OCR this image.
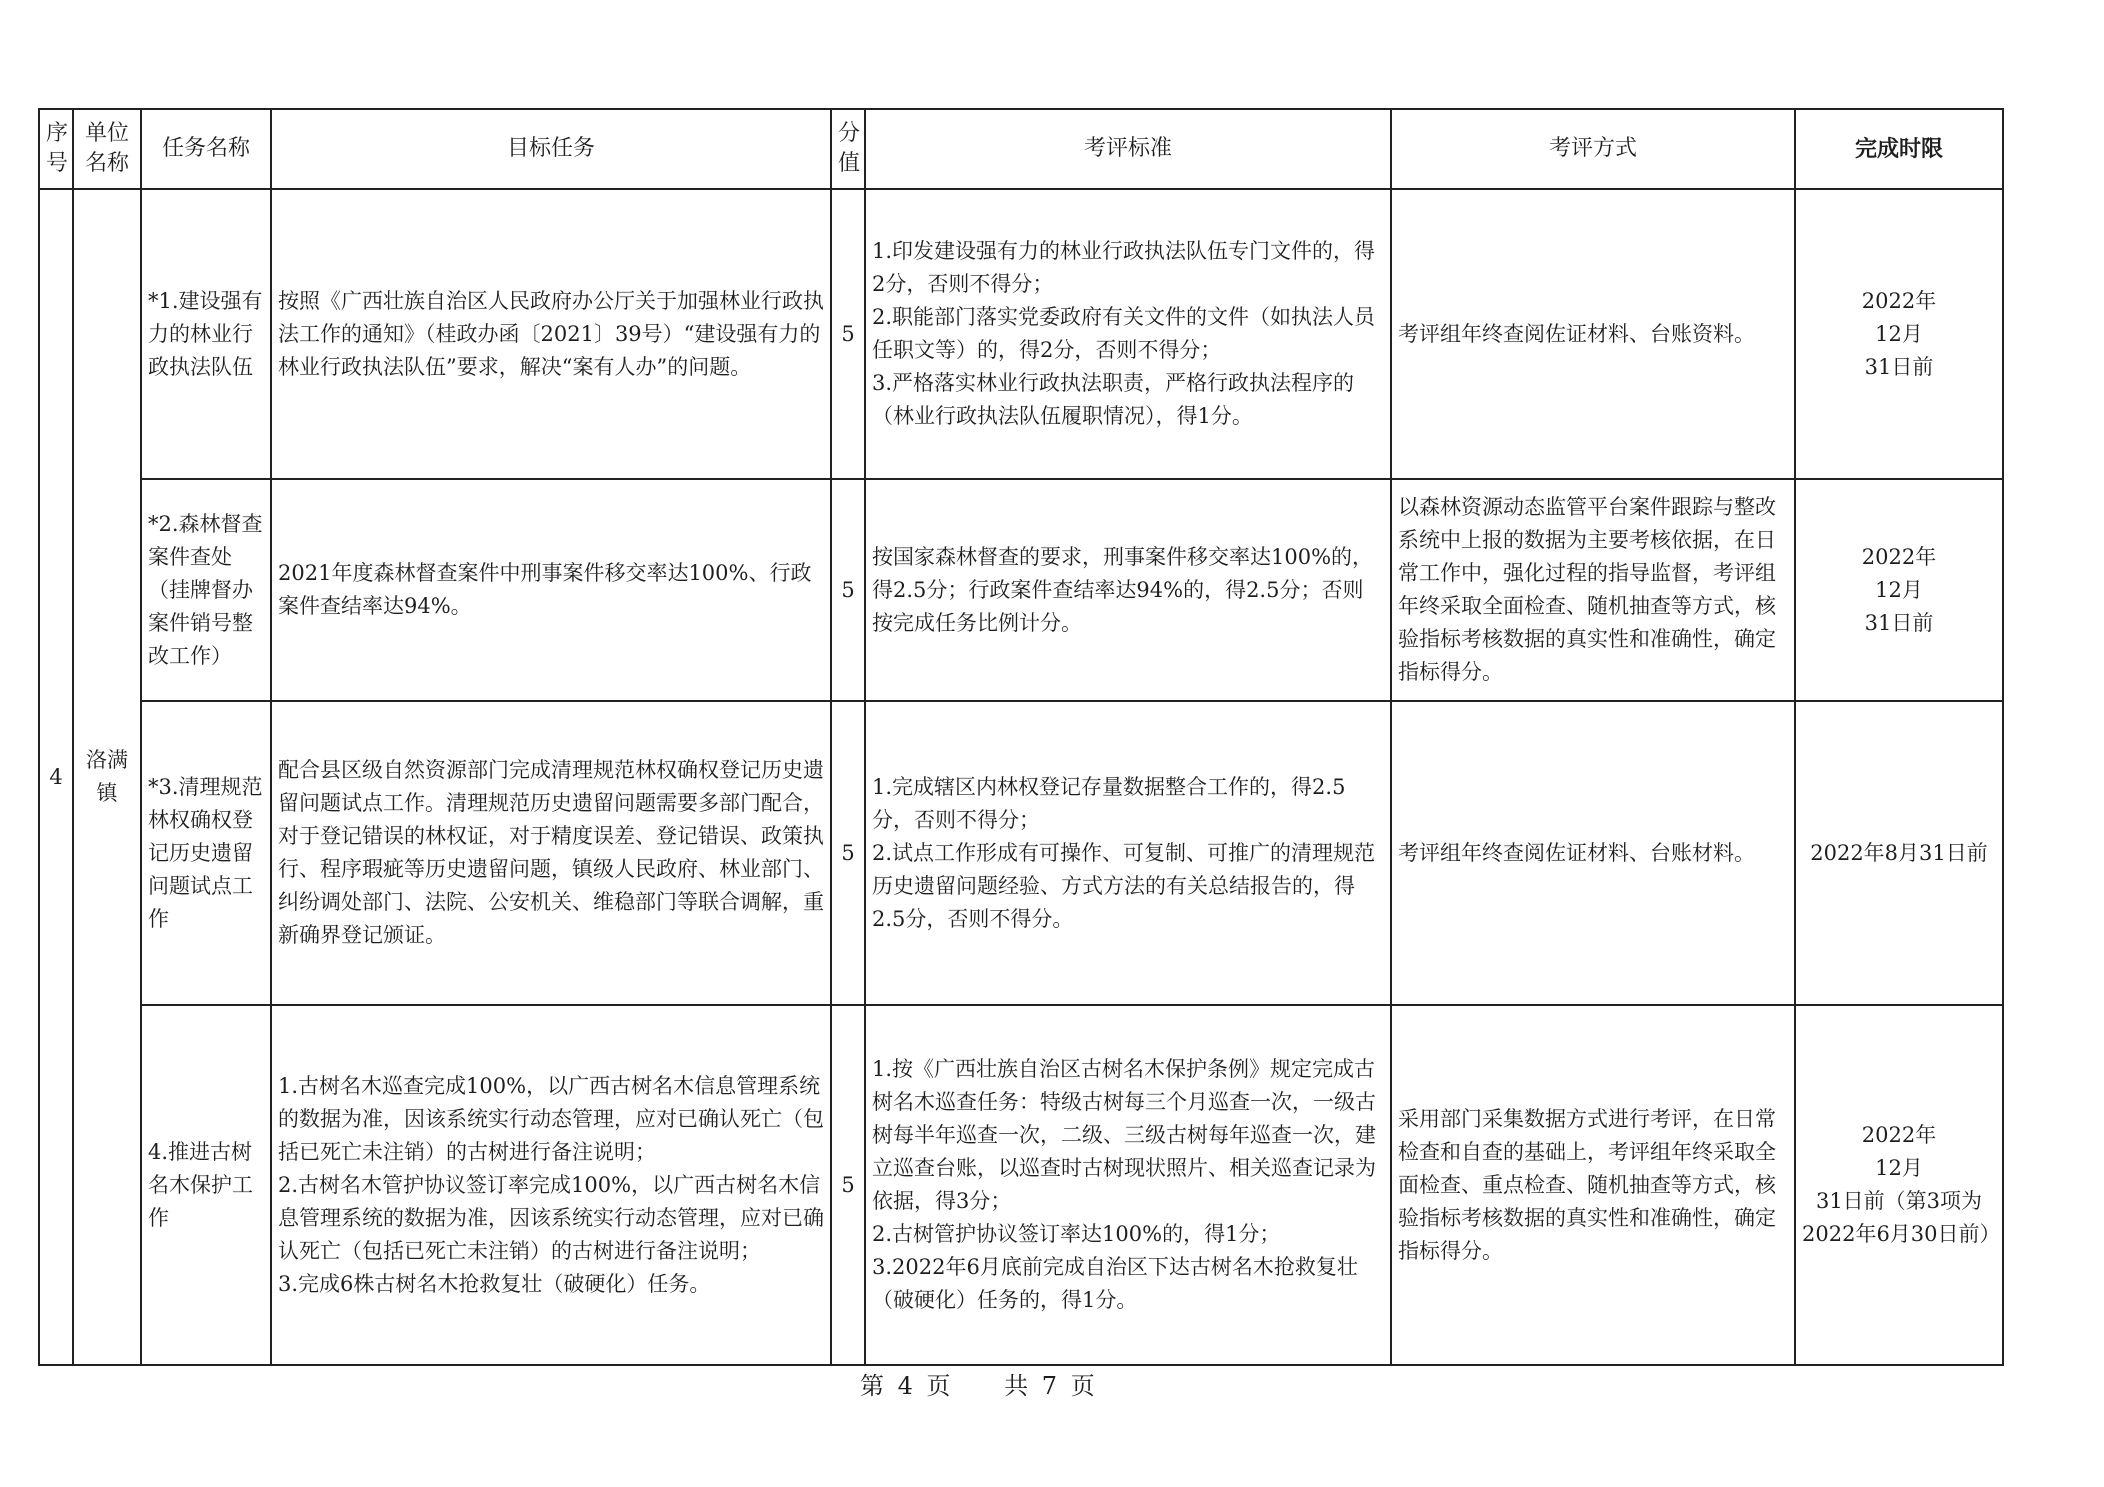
序号	单位名称	任务名称	目标任务	分值	考评标准	考评方式	完成时限
4	洛满镇	*1.建设强有力的林业行政执法队伍	按照《广西壮族自治区人民政府办公厅关于加强林业行政执法工作的通知》（桂政办函〔2021〕39号）“建设强有力的林业行政执法队伍”要求，解决“案有人办”的问题。	5	1.印发建设强有力的林业行政执法队伍专门文件的，得2分，否则不得分；
2.职能部门落实党委政府有关文件的文件（如执法人员任职文等）的，得2分，否则不得分；
3.严格落实林业行政执法职责，严格行政执法程序的（林业行政执法队伍履职情况），得1分。	考评组年终查阅佐证材料、台账资料。	2022年
12月
31日前

		*2.森林督查案件查处（挂牌督办案件销号整改工作）	2021年度森林督查案件中刑事案件移交率达100%、行政案件查结率达94%。	5	按国家森林督查的要求，刑事案件移交率达100%的，得2.5分；行政案件查结率达94%的，得2.5分；否则按完成任务比例计分。	以森林资源动态监管平台案件跟踪与整改系统中上报的数据为主要考核依据，在日常工作中，强化过程的指导监督，考评组年终采取全面检查、随机抽查等方式，核验指标考核数据的真实性和准确性，确定指标得分。	2022年
12月
31日前

		*3.清理规范林权确权登记历史遗留问题试点工作	配合县区级自然资源部门完成清理规范林权确权登记历史遗留问题试点工作。清理规范历史遗留问题需要多部门配合，对于登记错误的林权证，对于精度误差、登记错误、政策执行、程序瑕疵等历史遗留问题，镇级人民政府、林业部门、纠纷调处部门、法院、公安机关、维稳部门等联合调解，重新确界登记颁证。	5	1.完成辖区内林权登记存量数据整合工作的，得2.5分，否则不得分；
2.试点工作形成有可操作、可复制、可推广的清理规范历史遗留问题经验、方式方法的有关总结报告的，得2.5分，否则不得分。	考评组年终查阅佐证材料、台账材料。	2022年8月31日前

		4.推进古树名木保护工作	1.古树名木巡查完成100%，以广西古树名木信息管理系统的数据为准，因该系统实行动态管理，应对已确认死亡（包括已死亡未注销）的古树进行备注说明；
2.古树名木管护协议签订率完成100%，以广西古树名木信息管理系统的数据为准，因该系统实行动态管理，应对已确认死亡（包括已死亡未注销）的古树进行备注说明；
3.完成6株古树名木抢救复壮（破硬化）任务。	5	1.按《广西壮族自治区古树名木保护条例》规定完成古树名木巡查任务：特级古树每三个月巡查一次，一级古树每半年巡查一次，二级、三级古树每年巡查一次，建立巡查台账，以巡查时古树现状照片、相关巡查记录为依据，得3分；
2.古树管护协议签订率达100%的，得1分；
3.2022年6月底前完成自治区下达古树名木抢救复壮（破硬化）任务的，得1分。	采用部门采集数据方式进行考评，在日常检查和自查的基础上，考评组年终采取全面检查、重点检查、随机抽查等方式，核验指标考核数据的真实性和准确性，确定指标得分。	2022年
12月
31日前（第3项为2022年6月30日前）
第 4 页 共 7 页
